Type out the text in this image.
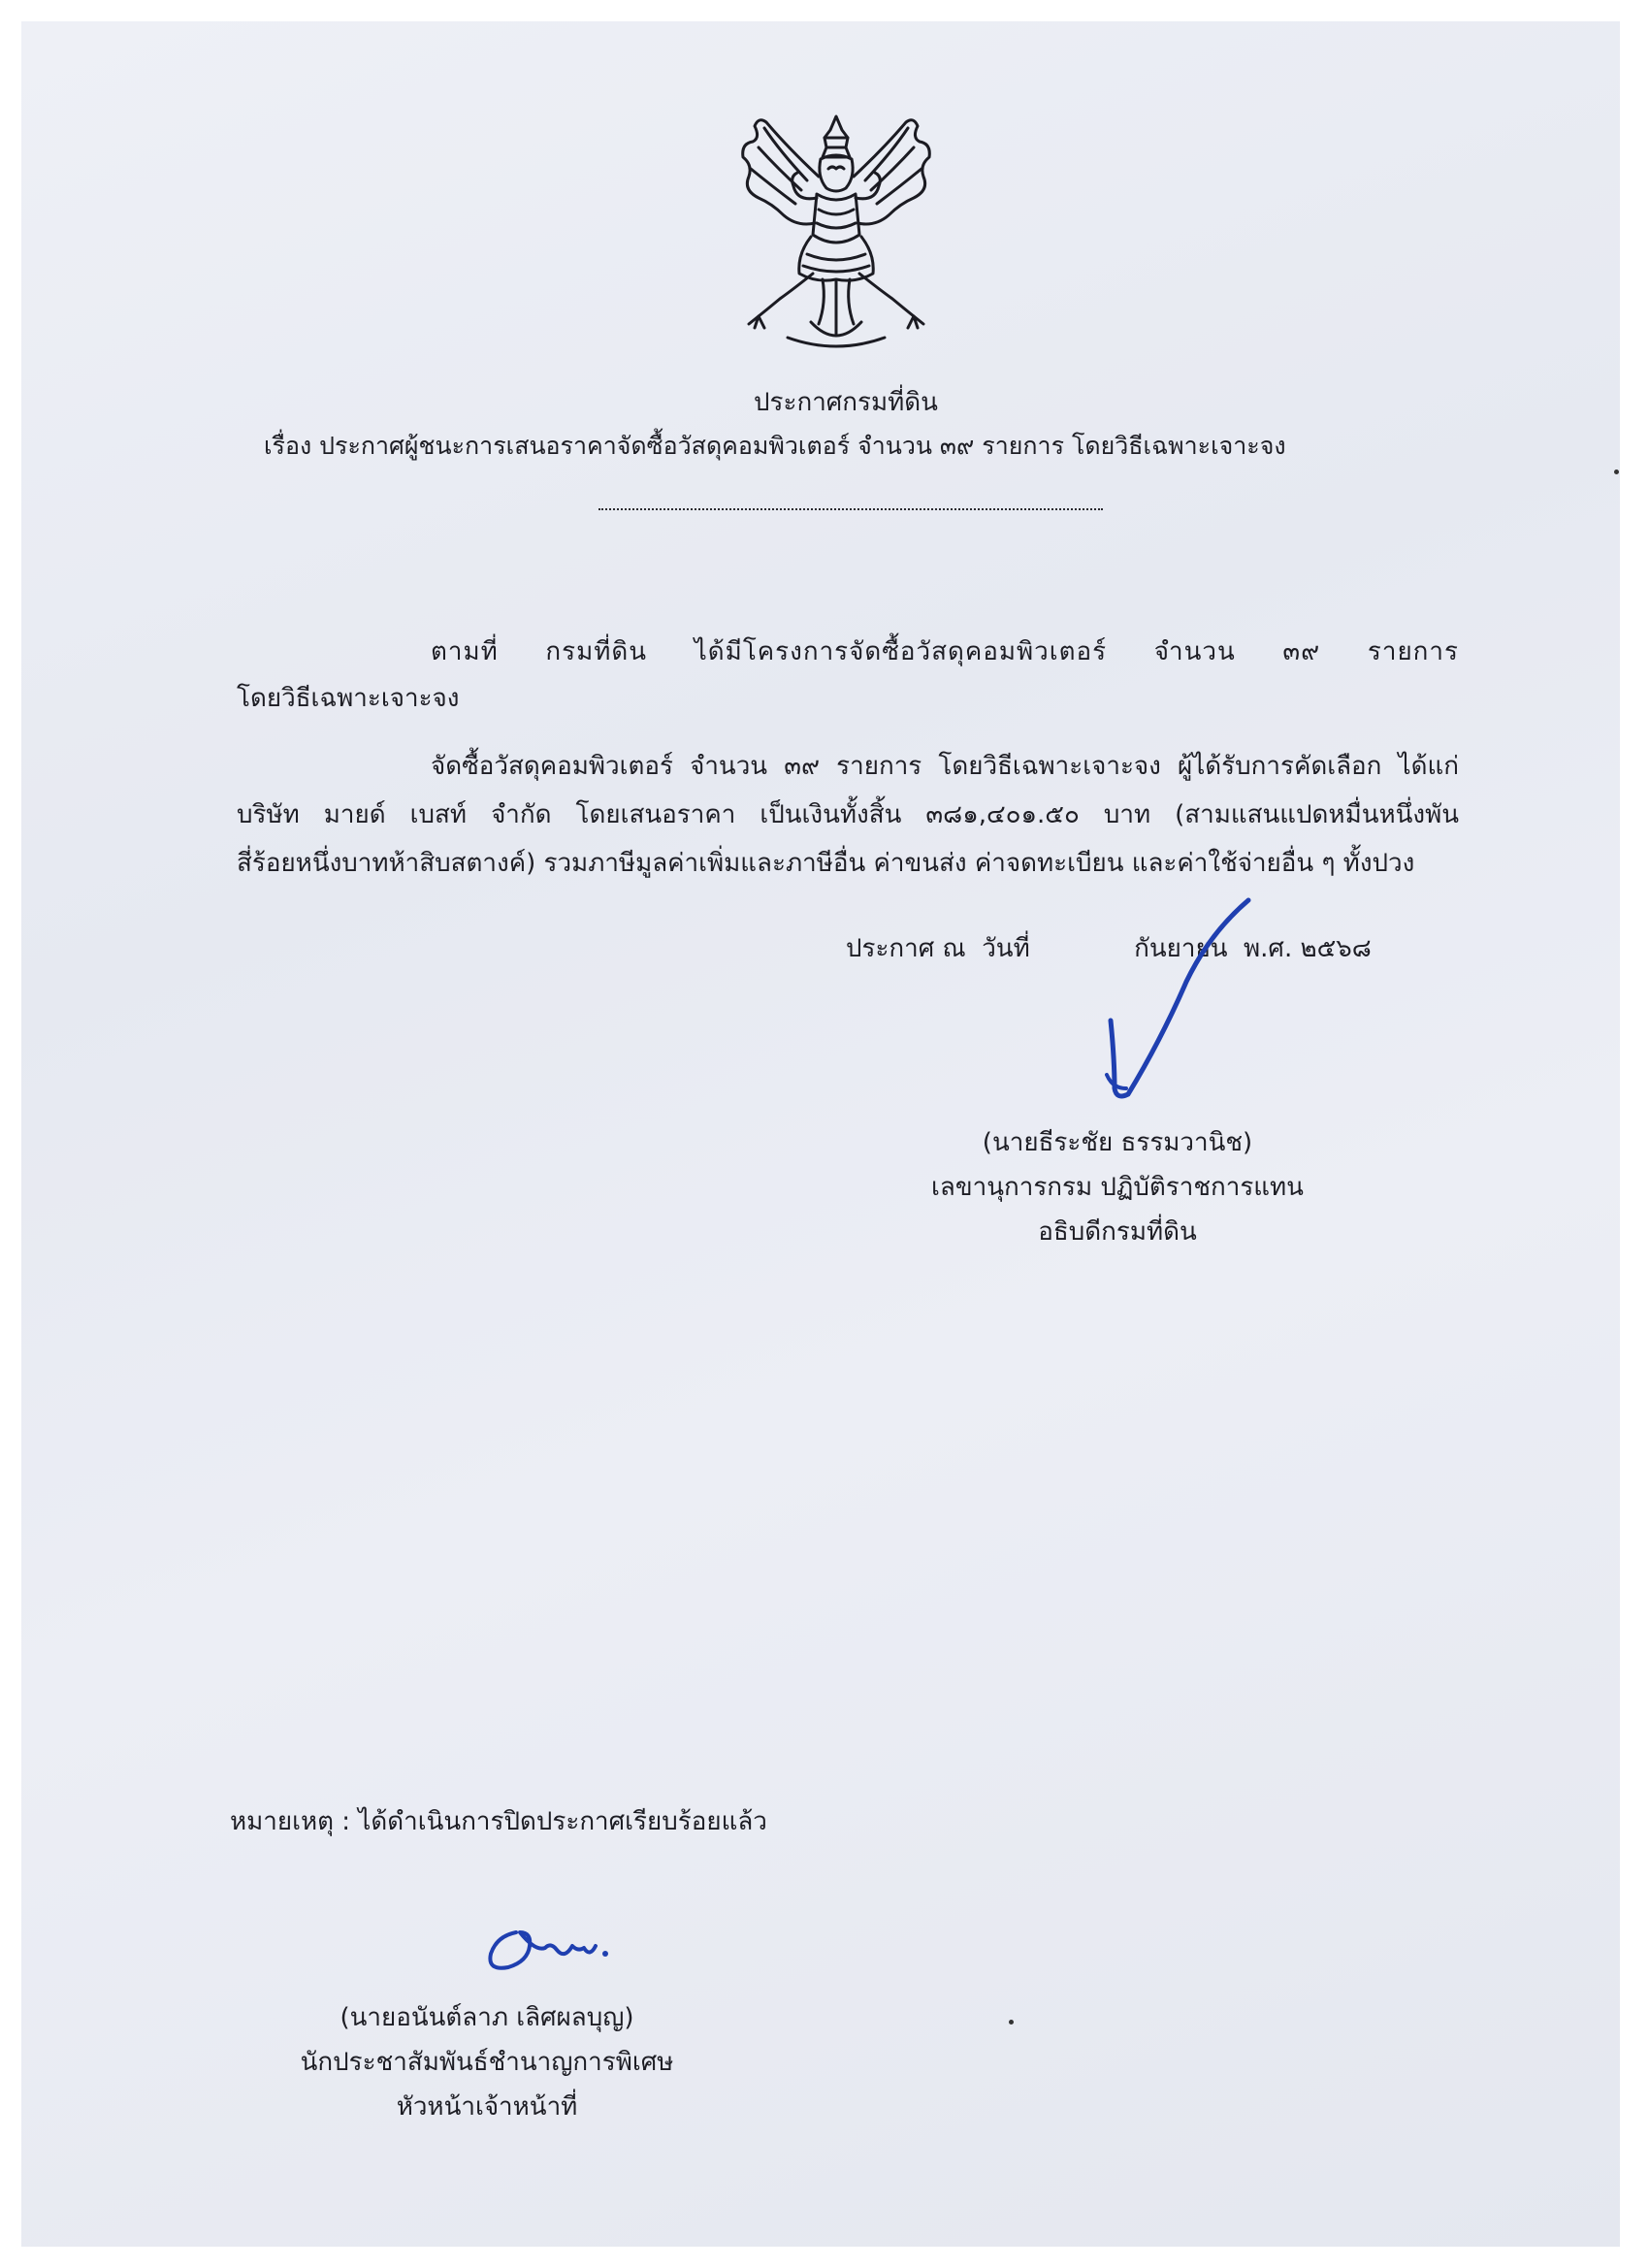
ประกาศกรมที่ดิน

เรื่อง ประกาศผู้ชนะการเสนอราคาจัดซื้อวัสดุคอมพิวเตอร์ จำนวน ๓๙ รายการ โดยวิธีเฉพาะเจาะจง

ตามที่ กรมที่ดิน ได้มีโครงการจัดซื้อวัสดุคอมพิวเตอร์ จำนวน ๓๙ รายการ

โดยวิธีเฉพาะเจาะจง

จัดซื้อวัสดุคอมพิวเตอร์ จำนวน ๓๙ รายการ โดยวิธีเฉพาะเจาะจง ผู้ได้รับการคัดเลือก ได้แก่

บริษัท มายด์ เบสท์ จำกัด โดยเสนอราคา เป็นเงินทั้งสิ้น ๓๘๑,๔๐๑.๕๐ บาท (สามแสนแปดหมื่นหนึ่งพัน

สี่ร้อยหนึ่งบาทห้าสิบสตางค์) รวมภาษีมูลค่าเพิ่มและภาษีอื่น ค่าขนส่ง ค่าจดทะเบียน และค่าใช้จ่ายอื่น ๆ ทั้งปวง

ประกาศ ณ  วันที่             กันยายน  พ.ศ. ๒๕๖๘

(นายธีระชัย ธรรมวานิช)
เลขานุการกรม ปฏิบัติราชการแทน
อธิบดีกรมที่ดิน

หมายเหตุ : ได้ดำเนินการปิดประกาศเรียบร้อยแล้ว

(นายอนันต์ลาภ เลิศผลบุญ)
นักประชาสัมพันธ์ชำนาญการพิเศษ
หัวหน้าเจ้าหน้าที่
